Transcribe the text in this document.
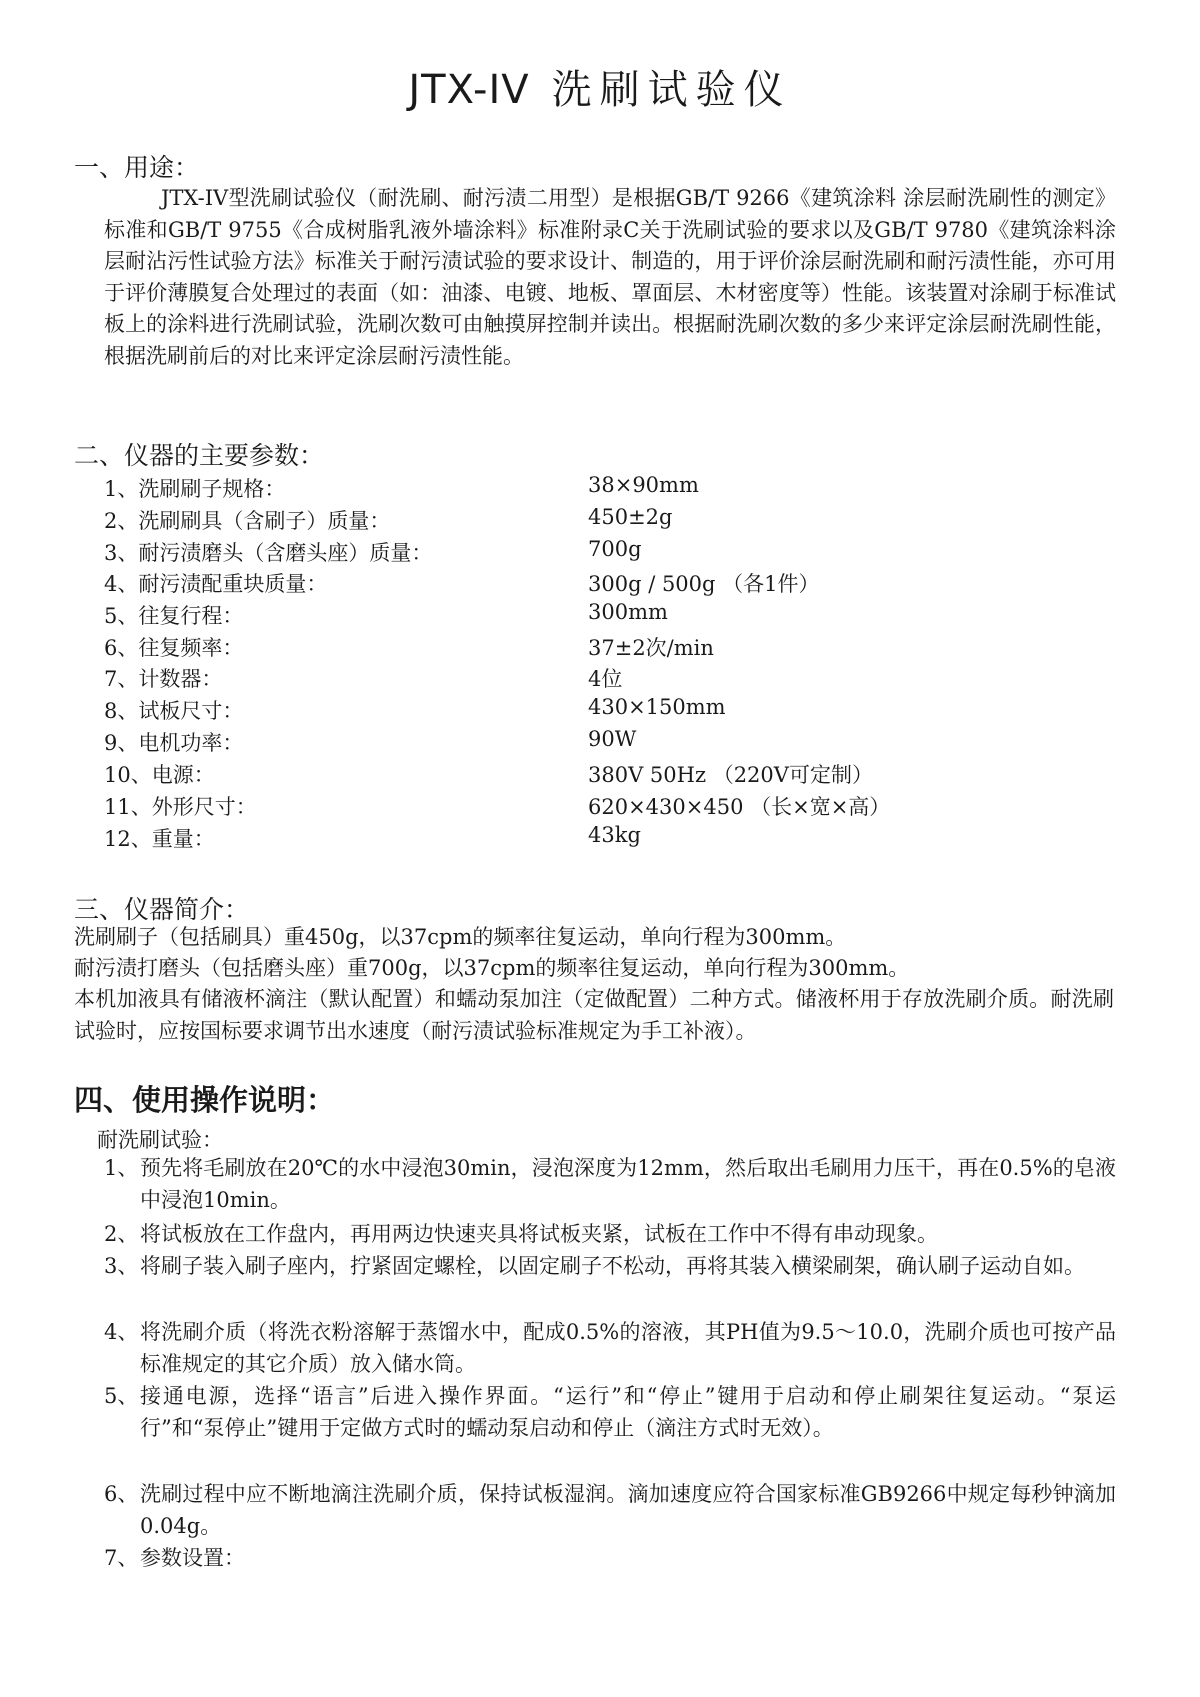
JTX-IV 洗刷试验仪
一、用途：
JTX-IV型洗刷试验仪（耐洗刷、耐污渍二用型）是根据GB/T 9266《建筑涂料 涂层耐洗刷性的测定》标准和GB/T 9755《合成树脂乳液外墙涂料》标准附录C关于洗刷试验的要求以及GB/T 9780《建筑涂料涂层耐沾污性试验方法》标准关于耐污渍试验的要求设计、制造的，用于评价涂层耐洗刷和耐污渍性能，亦可用于评价薄膜复合处理过的表面（如：油漆、电镀、地板、罩面层、木材密度等）性能。该装置对涂刷于标准试板上的涂料进行洗刷试验，洗刷次数可由触摸屏控制并读出。根据耐洗刷次数的多少来评定涂层耐洗刷性能，根据洗刷前后的对比来评定涂层耐污渍性能。
二、仪器的主要参数：
1、洗刷刷子规格：	38×90mm
2、洗刷刷具（含刷子）质量：	450±2g
3、耐污渍磨头（含磨头座）质量：	700g
4、耐污渍配重块质量：	300g / 500g （各1件）
5、往复行程：	300mm
6、往复频率：	37±2次/min
7、计数器：	4位
8、试板尺寸：	430×150mm
9、电机功率：	90W
10、电源：	380V 50Hz （220V可定制）
11、外形尺寸：	620×430×450 （长×宽×高）
12、重量：	43kg
三、仪器简介：
洗刷刷子（包括刷具）重450g，以37cpm的频率往复运动，单向行程为300mm。
耐污渍打磨头（包括磨头座）重700g，以37cpm的频率往复运动，单向行程为300mm。
本机加液具有储液杯滴注（默认配置）和蠕动泵加注（定做配置）二种方式。储液杯用于存放洗刷介质。耐洗刷试验时，应按国标要求调节出水速度（耐污渍试验标准规定为手工补液）。
四、使用操作说明：
耐洗刷试验：
1、 预先将毛刷放在20℃的水中浸泡30min，浸泡深度为12mm，然后取出毛刷用力压干，再在0.5%的皂液中浸泡10min。
2、 将试板放在工作盘内，再用两边快速夹具将试板夹紧，试板在工作中不得有串动现象。
3、 将刷子装入刷子座内，拧紧固定螺栓，以固定刷子不松动，再将其装入横梁刷架，确认刷子运动自如。
4、 将洗刷介质（将洗衣粉溶解于蒸馏水中，配成0.5%的溶液，其PH值为9.5～10.0，洗刷介质也可按产品标准规定的其它介质）放入储水筒。
5、 接通电源，选择“语言”后进入操作界面。“运行”和“停止”键用于启动和停止刷架往复运动。“泵运行”和“泵停止”键用于定做方式时的蠕动泵启动和停止（滴注方式时无效）。
6、 洗刷过程中应不断地滴注洗刷介质，保持试板湿润。滴加速度应符合国家标准GB9266中规定每秒钟滴加0.04g。
7、 参数设置：
